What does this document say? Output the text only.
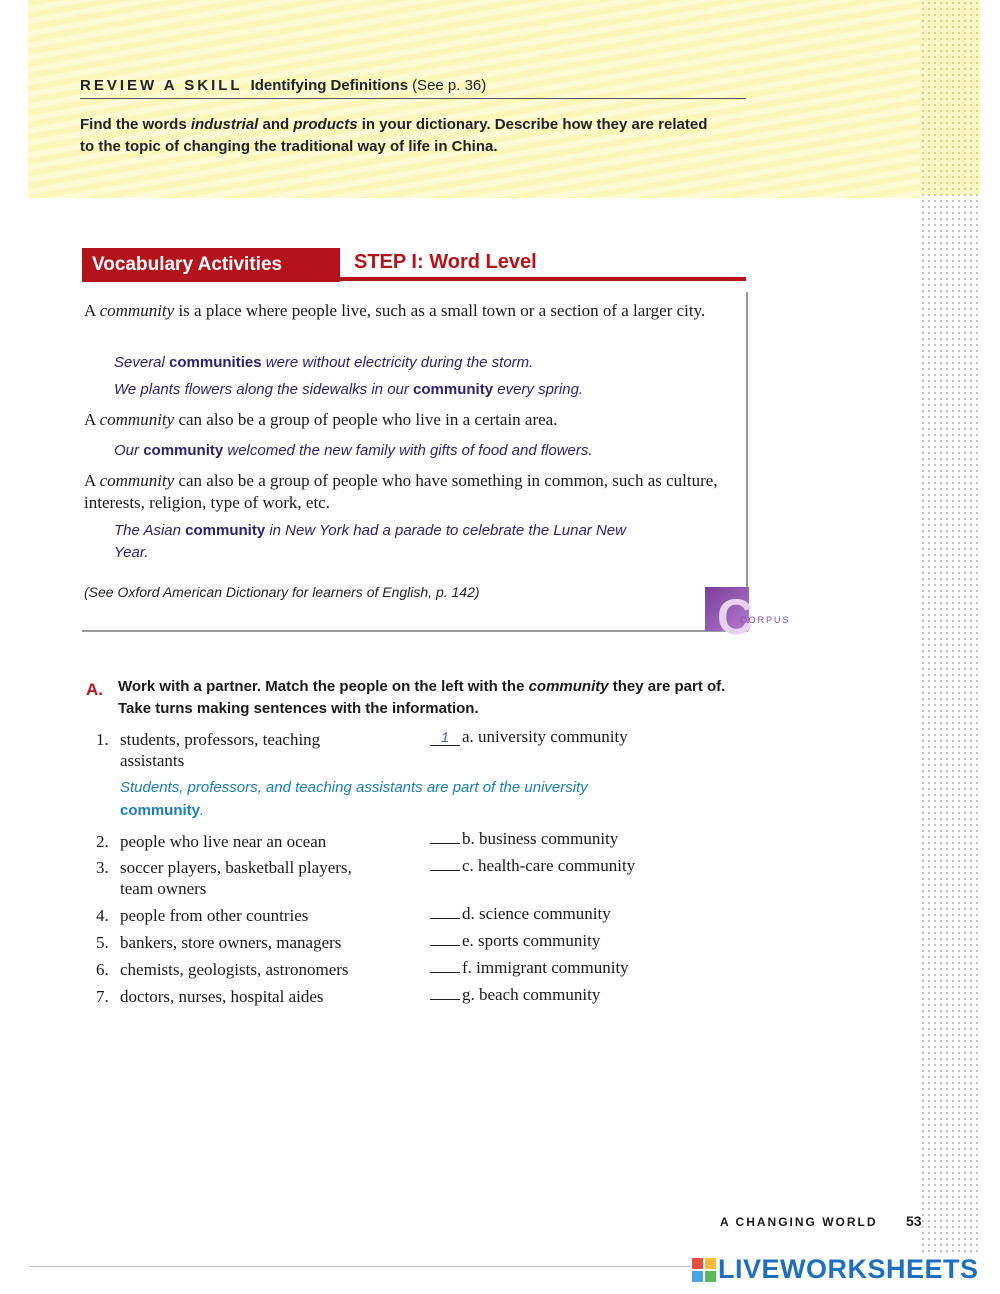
REVIEW A SKILL Identifying Definitions (See p. 36)
Find the words industrial and products in your dictionary. Describe how they are related to the topic of changing the traditional way of life in China.
Vocabulary Activities	STEP I: Word Level
A community is a place where people live, such as a small town or a section of a larger city.
Several communities were without electricity during the storm.
We plants flowers along the sidewalks in our community every spring.
A community can also be a group of people who live in a certain area.
Our community welcomed the new family with gifts of food and flowers.
A community can also be a group of people who have something in common, such as culture, interests, religion, type of work, etc.
The Asian community in New York had a parade to celebrate the Lunar New Year.
(See Oxford American Dictionary for learners of English, p. 142)	C
CORPUS
A. Work with a partner. Match the people on the left with the community they are part of. Take turns making sentences with the information.
1. students, professors, teaching
assistants
Students, professors, and teaching assistants are part of the university community.
2. people who live near an ocean
3. soccer players, basketball players,
team owners
4. people from other countries
5. bankers, store owners, managers
6. chemists, geologists, astronomers
7. doctors, nurses, hospital aides
1 a. university community
b. business community
c. health-care community
d. science community
e. sports community
f. immigrant community
g. beach community
A CHANGING WORLD 53
LIVEWORKSHEETS
